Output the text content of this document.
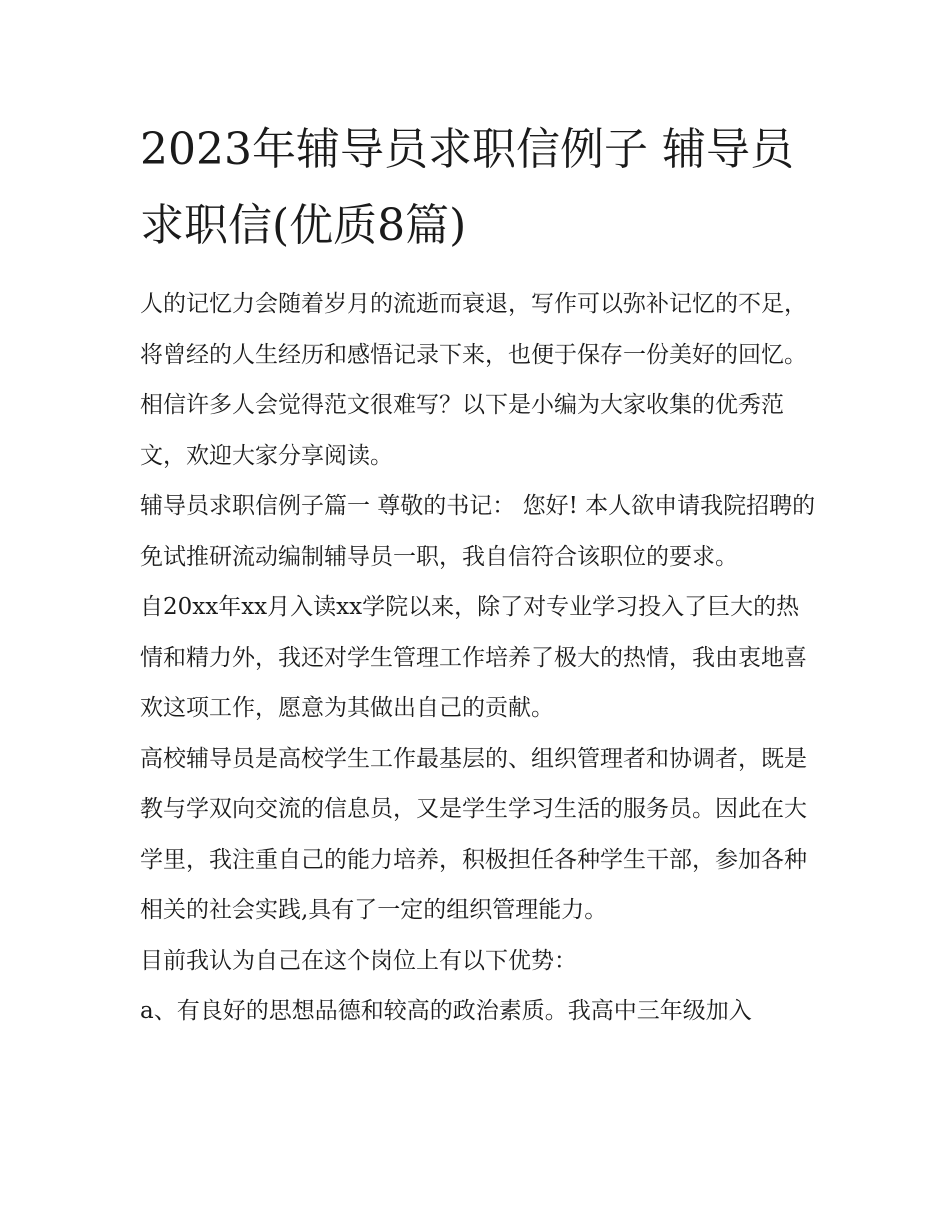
2023年辅导员求职信例子 辅导员求职信(优质8篇)

人的记忆力会随着岁月的流逝而衰退，写作可以弥补记忆的不足，将曾经的人生经历和感悟记录下来，也便于保存一份美好的回忆。相信许多人会觉得范文很难写？以下是小编为大家收集的优秀范文，欢迎大家分享阅读。

辅导员求职信例子篇一 尊敬的书记： 您好! 本人欲申请我院招聘的免试推研流动编制辅导员一职，我自信符合该职位的要求。

自20xx年xx月入读xx学院以来，除了对专业学习投入了巨大的热情和精力外，我还对学生管理工作培养了极大的热情，我由衷地喜欢这项工作，愿意为其做出自己的贡献。

高校辅导员是高校学生工作最基层的、组织管理者和协调者，既是教与学双向交流的信息员，又是学生学习生活的服务员。因此在大学里，我注重自己的能力培养，积极担任各种学生干部，参加各种相关的社会实践,具有了一定的组织管理能力。

目前我认为自己在这个岗位上有以下优势：

a、有良好的思想品德和较高的政治素质。我高中三年级加入
